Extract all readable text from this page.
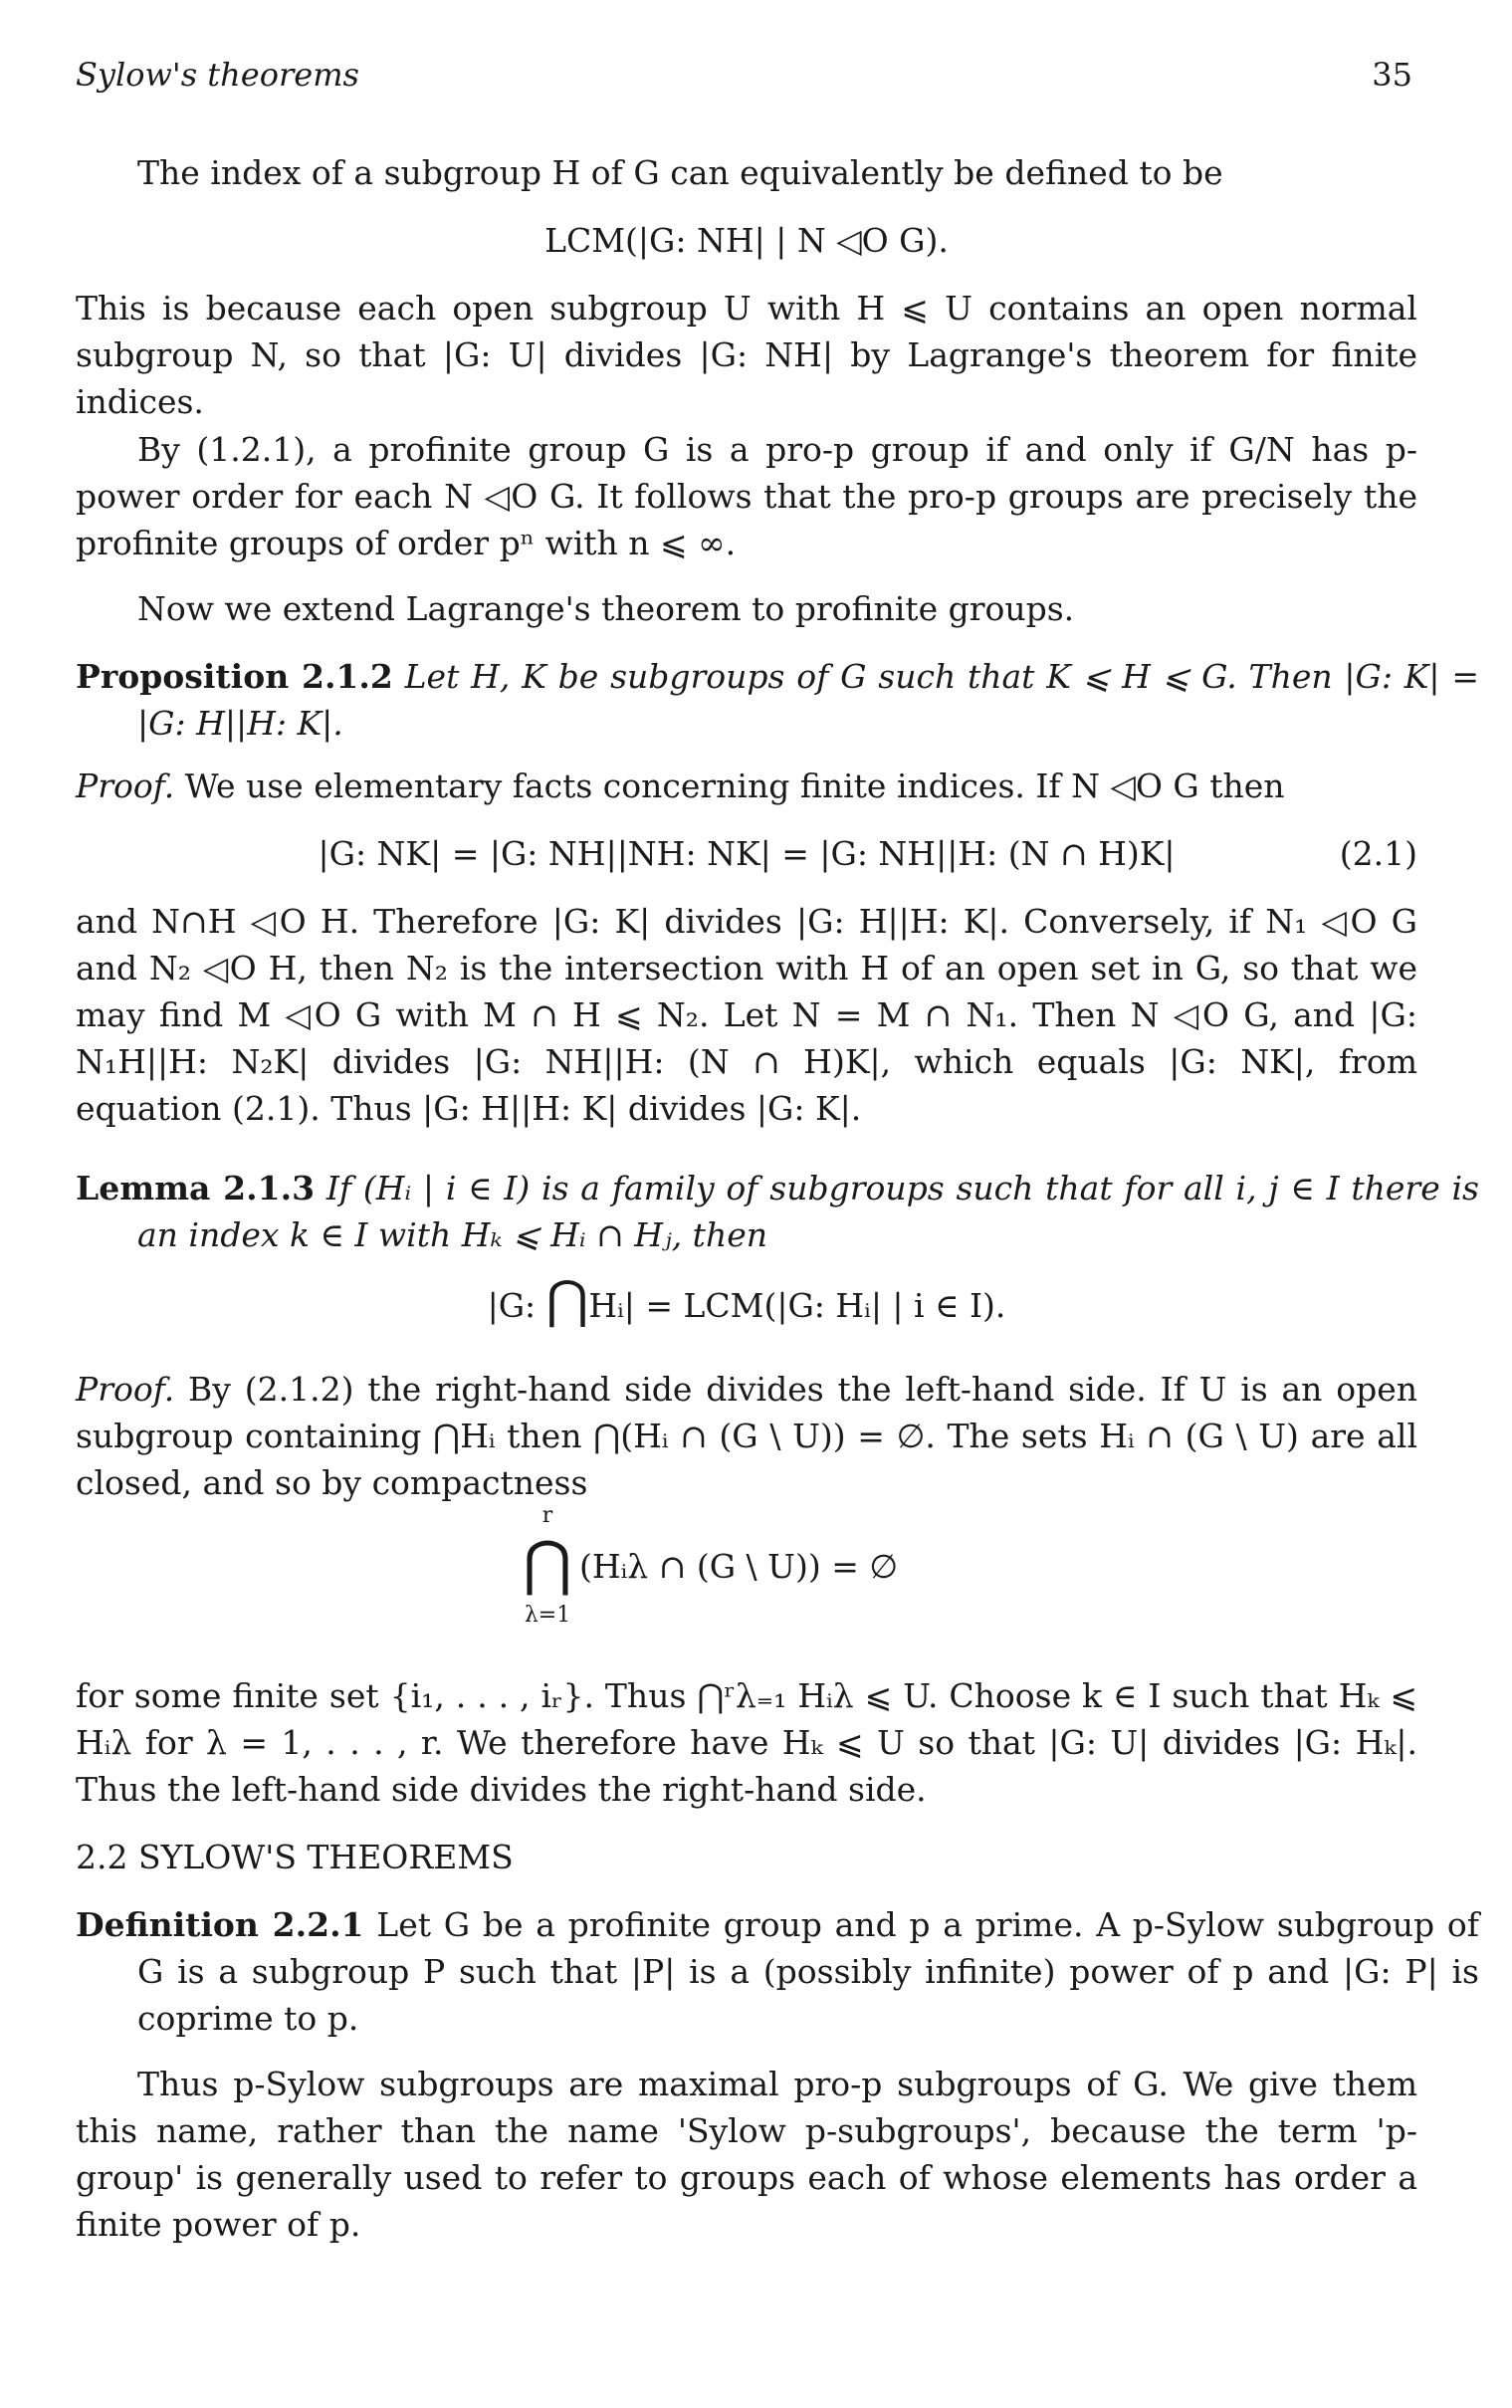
Sylow's theorems	35
The index of a subgroup H of G can equivalently be defined to be
LCM(|G: NH| | N ◁O G).
This is because each open subgroup U with H ⩽ U contains an open normal subgroup N, so that |G: U| divides |G: NH| by Lagrange's theorem for finite indices.
By (1.2.1), a profinite group G is a pro-p group if and only if G/N has p-power order for each N ◁O G. It follows that the pro-p groups are precisely the profinite groups of order pⁿ with n ⩽ ∞.
Now we extend Lagrange's theorem to profinite groups.
Proposition 2.1.2 Let H, K be subgroups of G such that K ⩽ H ⩽ G. Then |G: K| = |G: H||H: K|.
Proof. We use elementary facts concerning finite indices. If N ◁O G then
|G: NK| = |G: NH||NH: NK| = |G: NH||H: (N ∩ H)K|	(2.1)
and N∩H ◁O H. Therefore |G: K| divides |G: H||H: K|. Conversely, if N₁ ◁O G and N₂ ◁O H, then N₂ is the intersection with H of an open set in G, so that we may find M ◁O G with M ∩ H ⩽ N₂. Let N = M ∩ N₁. Then N ◁O G, and |G: N₁H||H: N₂K| divides |G: NH||H: (N ∩ H)K|, which equals |G: NK|, from equation (2.1). Thus |G: H||H: K| divides |G: K|.
Lemma 2.1.3 If (Hᵢ | i ∈ I) is a family of subgroups such that for all i, j ∈ I there is an index k ∈ I with Hₖ ⩽ Hᵢ ∩ Hⱼ, then
|G: ⋂Hᵢ| = LCM(|G: Hᵢ| | i ∈ I).
Proof. By (2.1.2) the right-hand side divides the left-hand side. If U is an open subgroup containing ⋂Hᵢ then ⋂(Hᵢ ∩ (G \ U)) = ∅. The sets Hᵢ ∩ (G \ U) are all closed, and so by compactness
r
⋂
λ=1
(Hᵢλ ∩ (G \ U)) = ∅
for some finite set {i₁, . . . , iᵣ}. Thus ⋂ʳλ₌₁ Hᵢλ ⩽ U. Choose k ∈ I such that Hₖ ⩽ Hᵢλ for λ = 1, . . . , r. We therefore have Hₖ ⩽ U so that |G: U| divides |G: Hₖ|. Thus the left-hand side divides the right-hand side.
2.2 SYLOW'S THEOREMS
Definition 2.2.1 Let G be a profinite group and p a prime. A p-Sylow subgroup of G is a subgroup P such that |P| is a (possibly infinite) power of p and |G: P| is coprime to p.
Thus p-Sylow subgroups are maximal pro-p subgroups of G. We give them this name, rather than the name 'Sylow p-subgroups', because the term 'p-group' is generally used to refer to groups each of whose elements has order a finite power of p.
